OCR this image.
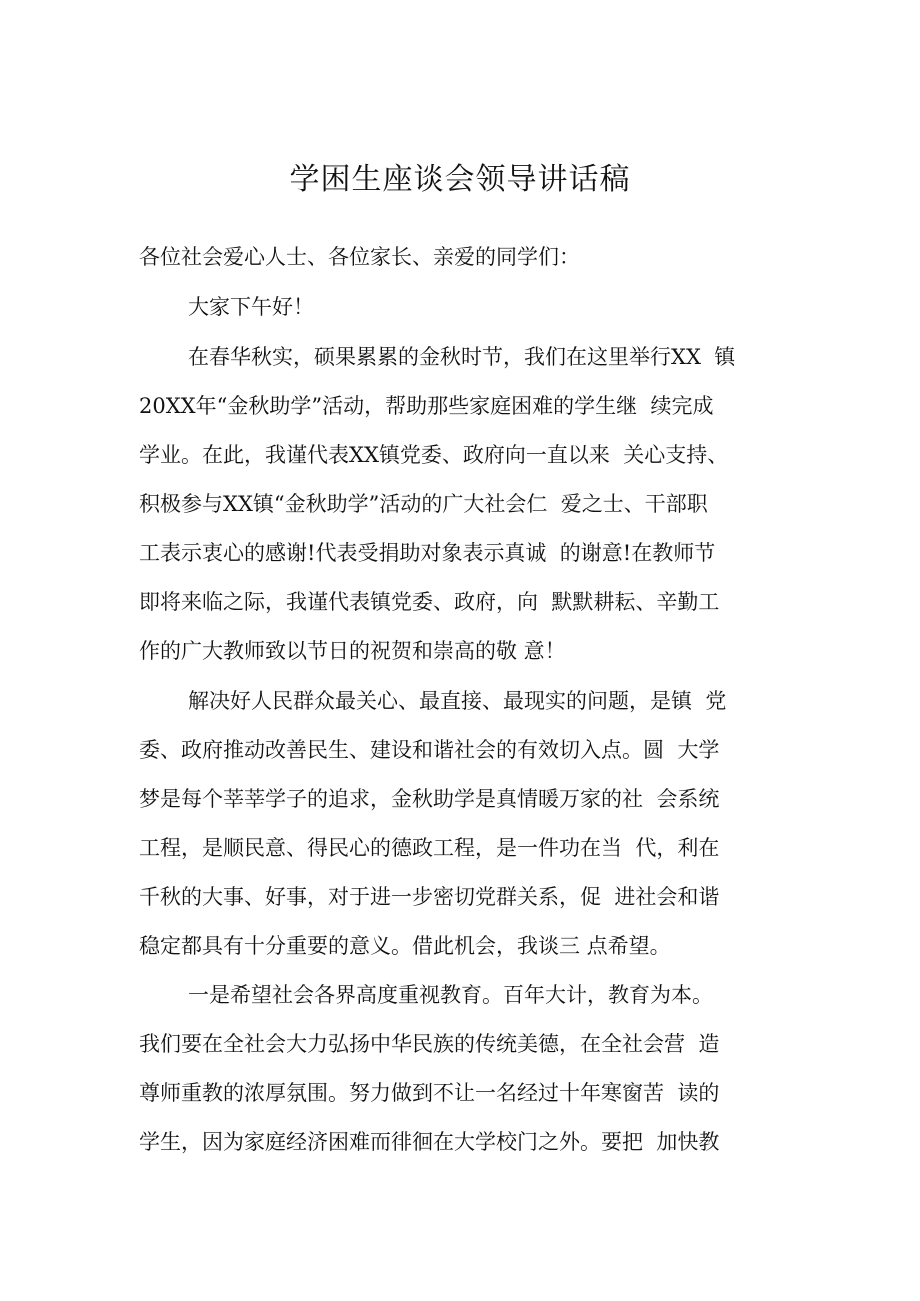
学困生座谈会领导讲话稿

各位社会爱心人士、各位家长、亲爱的同学们：

大家下午好！

在春华秋实，硕果累累的金秋时节，我们在这里举行XX  镇

20XX年“金秋助学”活动，帮助那些家庭困难的学生继  续完成

学业。在此，我谨代表XX镇党委、政府向一直以来  关心支持、

积极参与XX镇“金秋助学”活动的广大社会仁  爱之士、干部职

工表示衷心的感谢!代表受捐助对象表示真诚  的谢意!在教师节

即将来临之际，我谨代表镇党委、政府，向  默默耕耘、辛勤工

作的广大教师致以节日的祝贺和崇高的敬 意！

解决好人民群众最关心、最直接、最现实的问题，是镇  党

委、政府推动改善民生、建设和谐社会的有效切入点。圆  大学

梦是每个莘莘学子的追求，金秋助学是真情暖万家的社  会系统

工程，是顺民意、得民心的德政工程，是一件功在当  代，利在

千秋的大事、好事，对于进一步密切党群关系，促  进社会和谐

稳定都具有十分重要的意义。借此机会，我谈三 点希望。

一是希望社会各界高度重视教育。百年大计，教育为本。

我们要在全社会大力弘扬中华民族的传统美德，在全社会营  造

尊师重教的浓厚氛围。努力做到不让一名经过十年寒窗苦  读的

学生，因为家庭经济困难而徘徊在大学校门之外。要把  加快教
